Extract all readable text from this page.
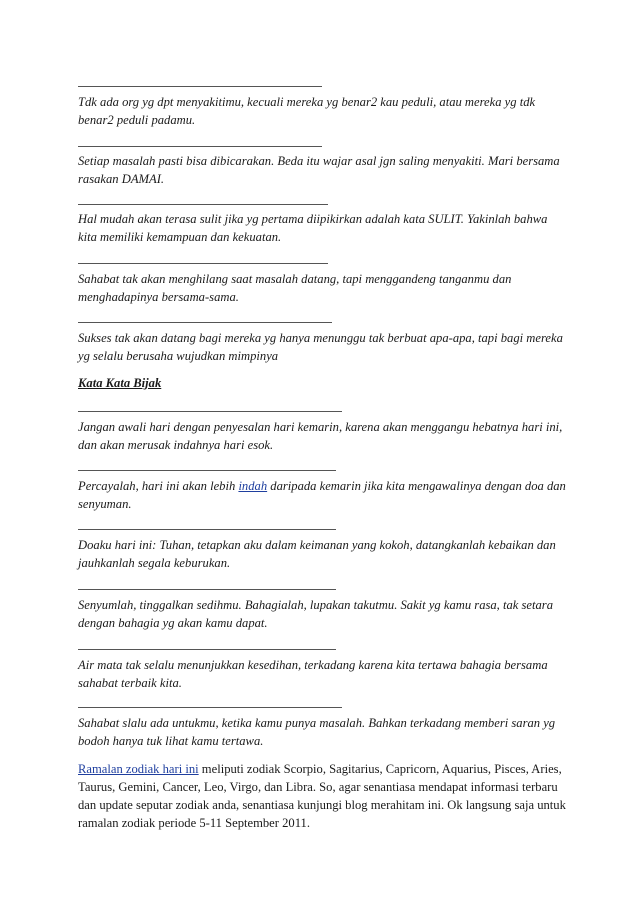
Tdk ada org yg dpt menyakitimu, kecuali mereka yg benar2 kau peduli, atau mereka yg tdk benar2 peduli padamu.

Setiap masalah pasti bisa dibicarakan. Beda itu wajar asal jgn saling menyakiti. Mari bersama rasakan DAMAI.

Hal mudah akan terasa sulit jika yg pertama diipikirkan adalah kata SULIT. Yakinlah bahwa kita memiliki kemampuan dan kekuatan.

Sahabat tak akan menghilang saat masalah datang, tapi menggandeng tanganmu dan menghadapinya bersama-sama.

Sukses tak akan datang bagi mereka yg hanya menunggu tak berbuat apa-apa, tapi bagi mereka yg selalu berusaha wujudkan mimpinya

Kata Kata Bijak

Jangan awali hari dengan penyesalan hari kemarin, karena akan menggangu hebatnya hari ini, dan akan merusak indahnya hari esok.

Percayalah, hari ini akan lebih indah daripada kemarin jika kita mengawalinya dengan doa dan senyuman.

Doaku hari ini: Tuhan, tetapkan aku dalam keimanan yang kokoh, datangkanlah kebaikan dan jauhkanlah segala keburukan.

Senyumlah, tinggalkan sedihmu. Bahagialah, lupakan takutmu. Sakit yg kamu rasa, tak setara dengan bahagia yg akan kamu dapat.

Air mata tak selalu menunjukkan kesedihan, terkadang karena kita tertawa bahagia bersama sahabat terbaik kita.

Sahabat slalu ada untukmu, ketika kamu punya masalah. Bahkan terkadang memberi saran yg bodoh hanya tuk lihat kamu tertawa.

Ramalan zodiak hari ini meliputi zodiak Scorpio, Sagitarius, Capricorn, Aquarius, Pisces, Aries, Taurus, Gemini, Cancer, Leo, Virgo, dan Libra. So, agar senantiasa mendapat informasi terbaru dan update seputar zodiak anda, senantiasa kunjungi blog merahitam ini. Ok langsung saja untuk ramalan zodiak periode 5-11 September 2011.
